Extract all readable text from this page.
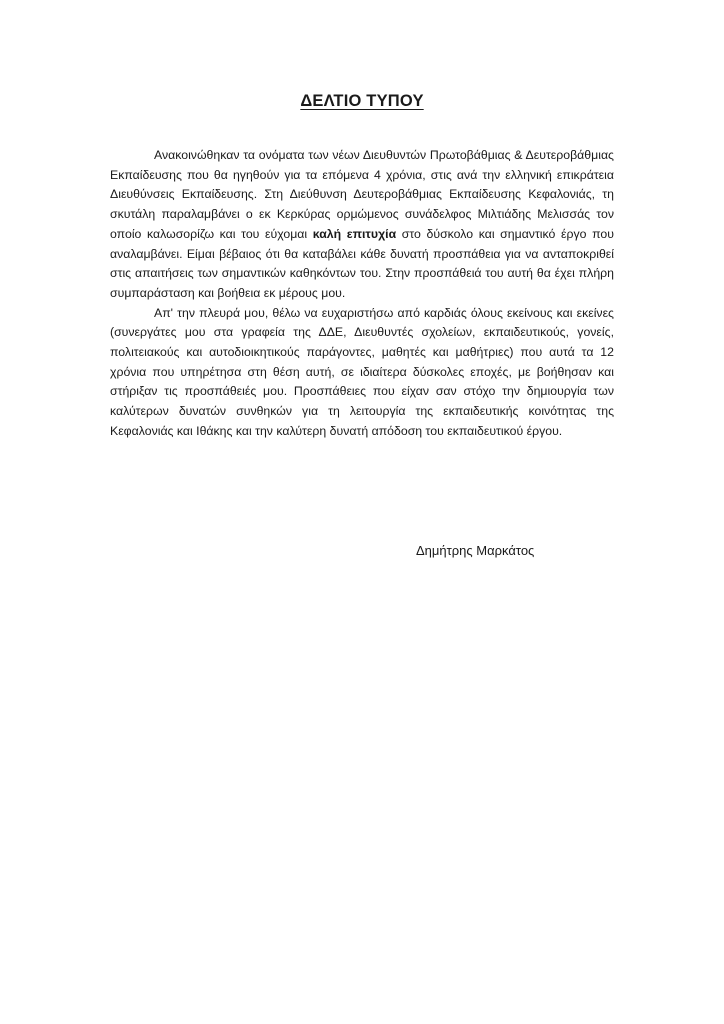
ΔΕΛΤΙΟ ΤΥΠΟΥ

Ανακοινώθηκαν τα ονόματα των νέων Διευθυντών Πρωτοβάθμιας & Δευτεροβάθμιας Εκπαίδευσης που θα ηγηθούν για τα επόμενα 4 χρόνια, στις ανά την ελληνική επικράτεια Διευθύνσεις Εκπαίδευσης. Στη Διεύθυνση Δευτεροβάθμιας Εκπαίδευσης Κεφαλονιάς, τη σκυτάλη παραλαμβάνει ο εκ Κερκύρας ορμώμενος συνάδελφος Μιλτιάδης Μελισσάς τον οποίο καλωσορίζω και του εύχομαι καλή επιτυχία στο δύσκολο και σημαντικό έργο που αναλαμβάνει. Είμαι βέβαιος ότι θα καταβάλει κάθε δυνατή προσπάθεια για να ανταποκριθεί στις απαιτήσεις των σημαντικών καθηκόντων του. Στην προσπάθειά του αυτή θα έχει πλήρη συμπαράσταση και βοήθεια εκ μέρους μου.

Απ' την πλευρά μου, θέλω να ευχαριστήσω από καρδιάς όλους εκείνους και εκείνες (συνεργάτες μου στα γραφεία της ΔΔΕ, Διευθυντές σχολείων, εκπαιδευτικούς, γονείς, πολιτειακούς και αυτοδιοικητικούς παράγοντες, μαθητές και μαθήτριες) που αυτά τα 12 χρόνια που υπηρέτησα στη θέση αυτή, σε ιδιαίτερα δύσκολες εποχές, με βοήθησαν και στήριξαν τις προσπάθειές μου. Προσπάθειες που είχαν σαν στόχο την δημιουργία των καλύτερων δυνατών συνθηκών για τη λειτουργία της εκπαιδευτικής κοινότητας της Κεφαλονιάς και Ιθάκης και την καλύτερη δυνατή απόδοση του εκπαιδευτικού έργου.

Δημήτρης Μαρκάτος
